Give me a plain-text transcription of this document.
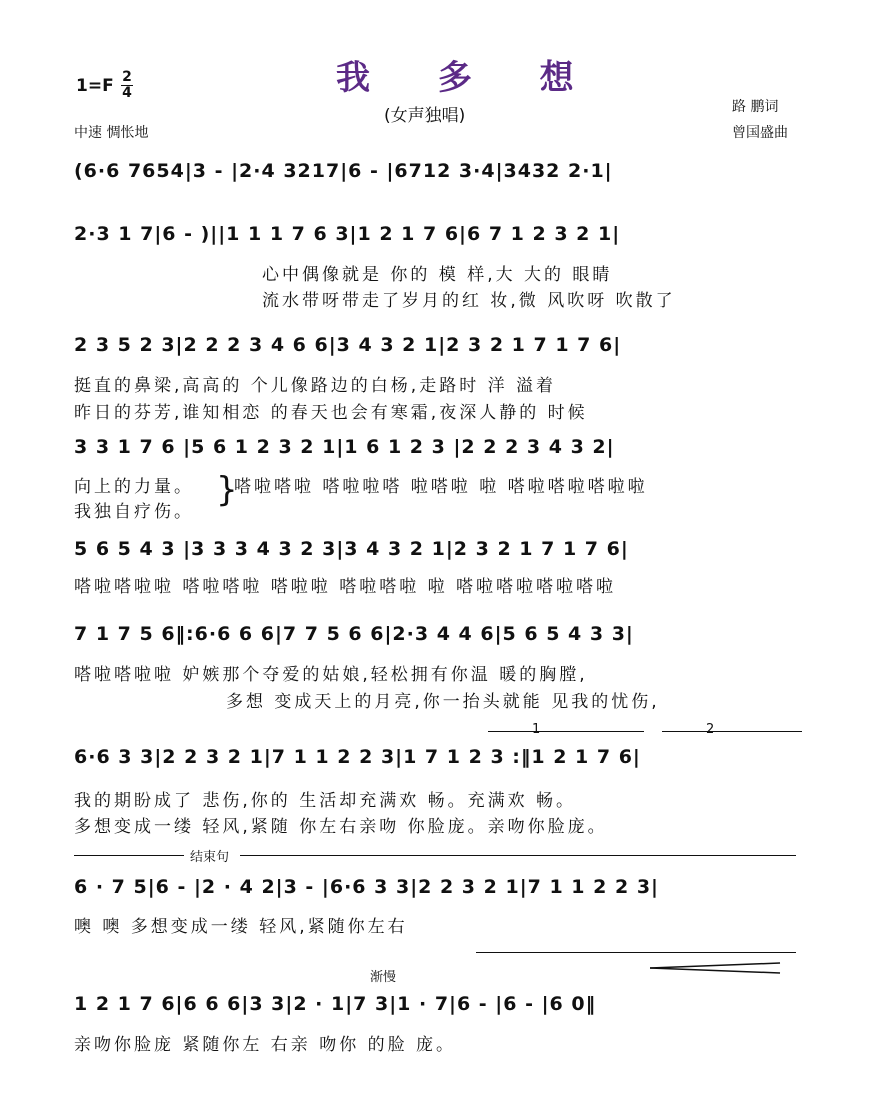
我 多 想
(女声独唱)
1=F 2
4
中速 惆怅地
路 鹏词
曾国盛曲
(6·6 7654|3 - |2·4 3217|6 - |6712 3·4|3432 2·1|
2·3 1 7|6 - )||1 1 1 7 6 3|1 2 1 7 6|6 7 1 2 3 2 1|
心中偶像就是 你的 模 样,大 大的 眼睛
流水带呀带走了岁月的红 妆,微 风吹呀 吹散了
2 3 5 2 3|2 2 2 3 4 6 6|3 4 3 2 1|2 3 2 1 7 1 7 6|
挺直的鼻梁,高高的 个儿像路边的白杨,走路时 洋 溢着
昨日的芬芳,谁知相恋 的春天也会有寒霜,夜深人静的 时候
3 3 1 7 6 |5 6 1 2 3 2 1|1 6 1 2 3 |2 2 2 3 4 3 2|
向上的力量。
我独自疗伤。
}
嗒啦嗒啦 嗒啦啦嗒 啦嗒啦 啦 嗒啦嗒啦嗒啦啦
5 6 5 4 3 |3 3 3 4 3 2 3|3 4 3 2 1|2 3 2 1 7 1 7 6|
嗒啦嗒啦啦 嗒啦嗒啦 嗒啦啦 嗒啦嗒啦 啦 嗒啦嗒啦嗒啦嗒啦
7 1 7 5 6‖:6·6 6 6|7 7 5 6 6|2·3 4 4 6|5 6 5 4 3 3|
嗒啦嗒啦啦 妒嫉那个夺爱的姑娘,轻松拥有你温 暖的胸膛,
多想 变成天上的月亮,你一抬头就能 见我的忧伤,
1	2
6·6 3 3|2 2 3 2 1|7 1 1 2 2 3|1 7 1 2 3 :‖1 2 1 7 6|
我的期盼成了 悲伤,你的 生活却充满欢 畅。充满欢 畅。
多想变成一缕 轻风,紧随 你左右亲吻 你脸庞。亲吻你脸庞。
结束句
6 · 7 5|6 - |2 · 4 2|3 - |6·6 3 3|2 2 3 2 1|7 1 1 2 2 3|
噢 噢 多想变成一缕 轻风,紧随你左右
渐慢
1 2 1 7 6|6 6 6|3 3|2 · 1|7 3|1 · 7|6 - |6 - |6 0‖
亲吻你脸庞 紧随你左 右亲 吻你 的脸 庞。
